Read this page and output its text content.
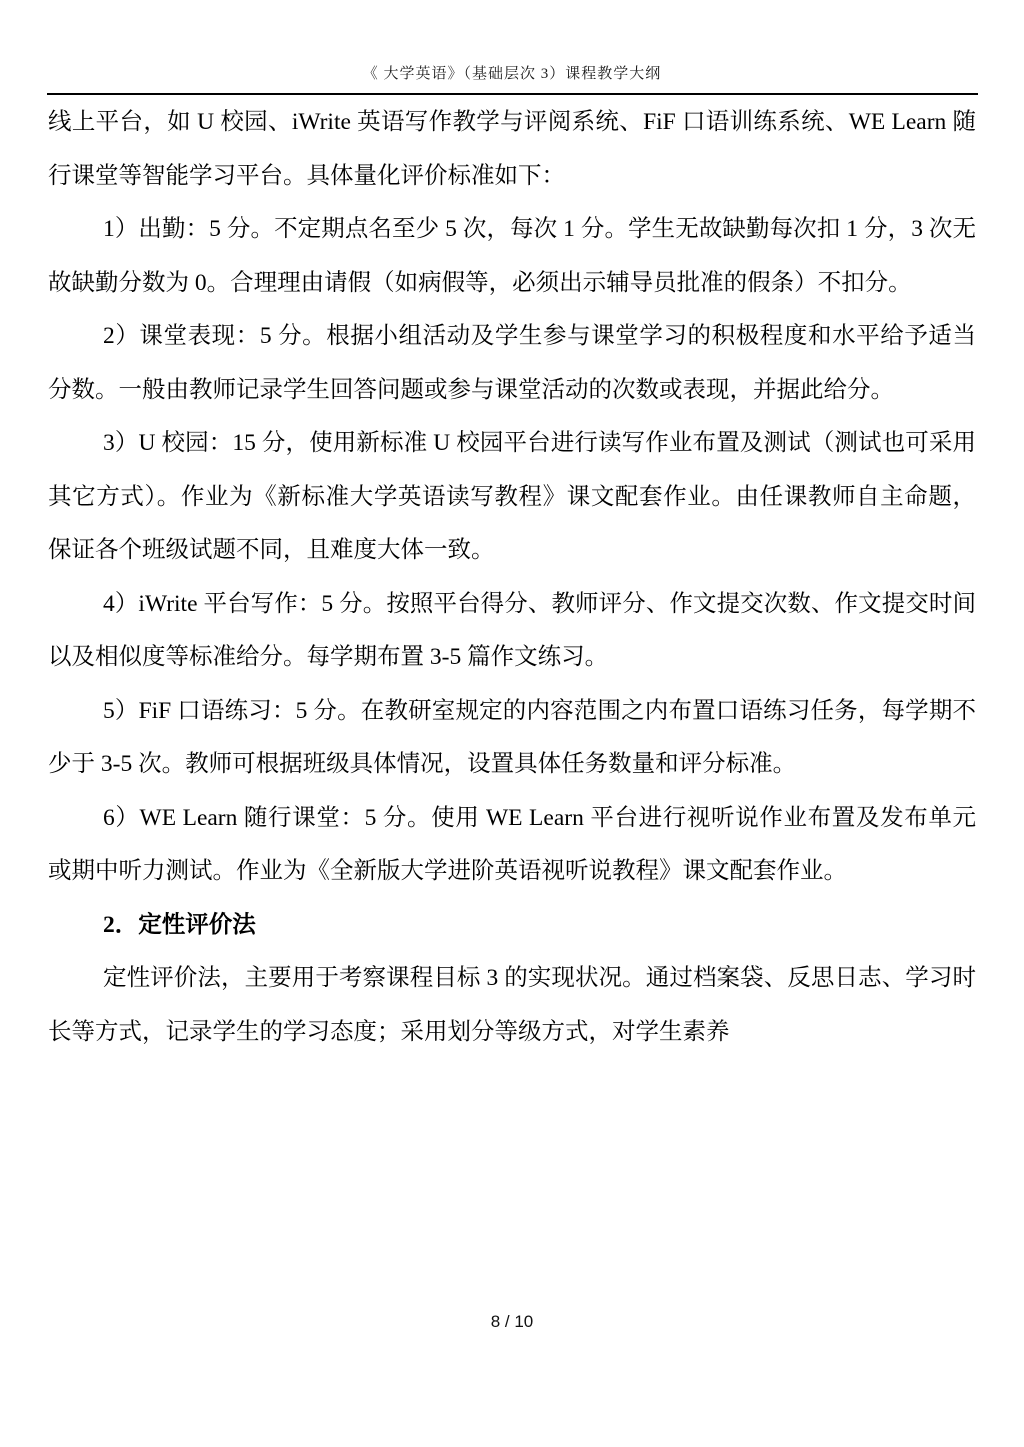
《 大学英语》（基础层次 3）课程教学大纲

线上平台，如 U 校园、iWrite 英语写作教学与评阅系统、FiF 口语训练系统、WE Learn 随行课堂等智能学习平台。具体量化评价标准如下：

1）出勤：5 分。不定期点名至少 5 次，每次 1 分。学生无故缺勤每次扣 1 分，3 次无故缺勤分数为 0。合理理由请假（如病假等，必须出示辅导员批准的假条）不扣分。

2）课堂表现：5 分。根据小组活动及学生参与课堂学习的积极程度和水平给予适当分数。一般由教师记录学生回答问题或参与课堂活动的次数或表现，并据此给分。

3）U 校园：15 分，使用新标准 U 校园平台进行读写作业布置及测试（测试也可采用其它方式）。作业为《新标准大学英语读写教程》课文配套作业。由任课教师自主命题，保证各个班级试题不同，且难度大体一致。

4）iWrite 平台写作：5 分。按照平台得分、教师评分、作文提交次数、作文提交时间以及相似度等标准给分。每学期布置 3-5 篇作文练习。

5）FiF 口语练习：5 分。在教研室规定的内容范围之内布置口语练习任务，每学期不少于 3-5 次。教师可根据班级具体情况，设置具体任务数量和评分标准。

6）WE Learn 随行课堂：5 分。使用 WE Learn 平台进行视听说作业布置及发布单元或期中听力测试。作业为《全新版大学进阶英语视听说教程》课文配套作业。

2．定性评价法

定性评价法，主要用于考察课程目标 3 的实现状况。通过档案袋、反思日志、学习时长等方式，记录学生的学习态度；采用划分等级方式，对学生素养

8 / 10
